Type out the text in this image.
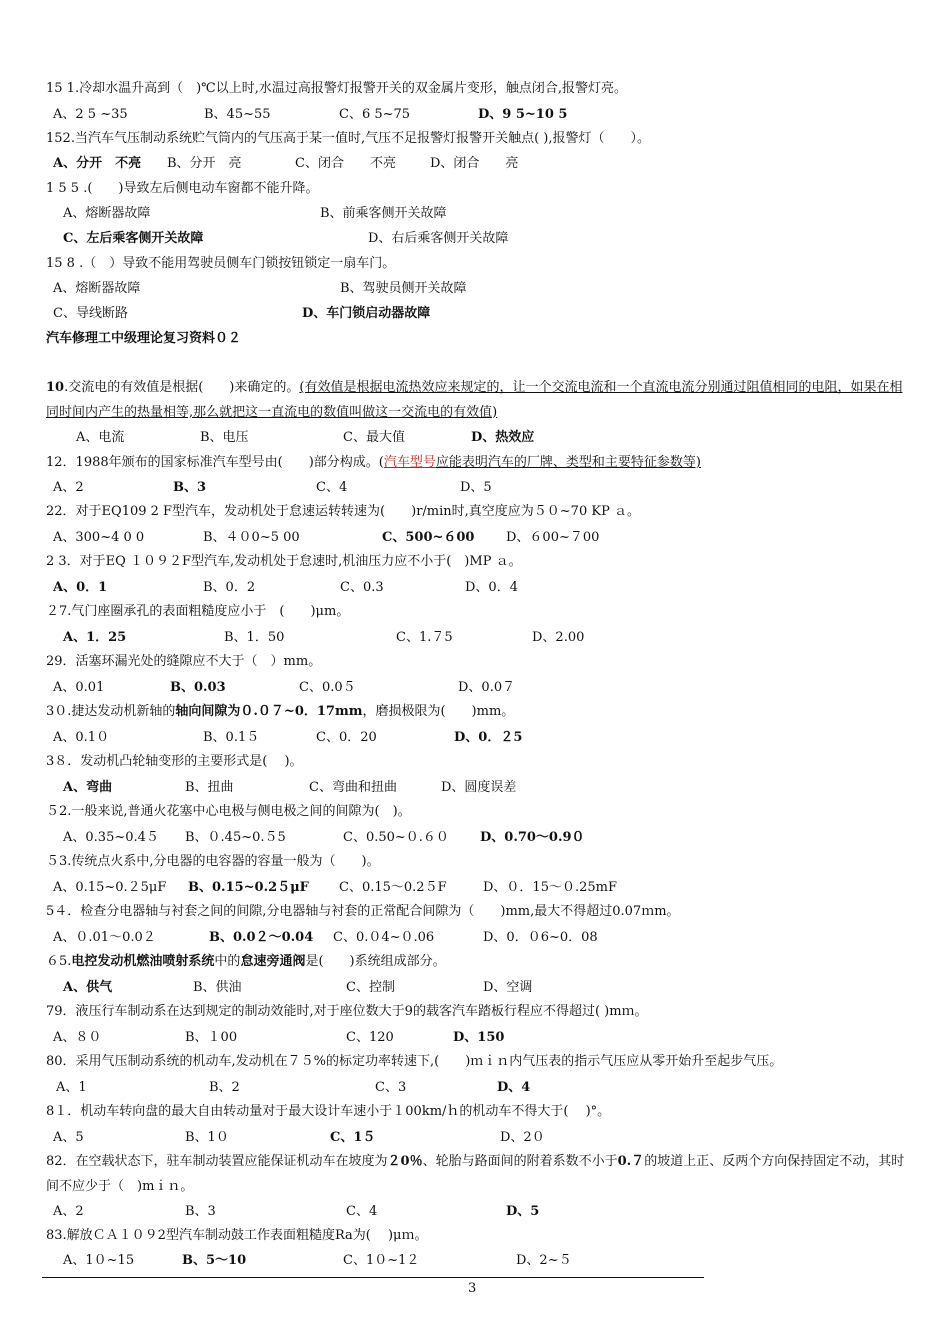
15 1.冷却水温升高到（　)℃以上时,水温过高报警灯报警开关的双金属片变形，触点闭合,报警灯亮。
A、2 5 ~35	B、45~55	C、6 5~75	D、9 5~10 5
152.当汽车气压制动系统贮气筒内的气压高于某一值时,气压不足报警灯报警开关触点( ),报警灯（　　）。
A、分开　不亮 B、分开　亮	C、闭合　　不亮	D、闭合　　亮
1 5 5 .(　　)导致左后侧电动车窗都不能升降。
A、熔断器故障	B、前乘客侧开关故障
C、左后乘客侧开关故障	D、右后乘客侧开关故障
15 8 .（　）导致不能用驾驶员侧车门锁按钮锁定一扇车门。
A、熔断器故障	B、驾驶员侧开关故障
C、导线断路	D、车门锁启动器故障
汽车修理工中级理论复习资料０２
10.交流电的有效值是根据(　　)来确定的。(有效值是根据电流热效应来规定的，让一个交流电流和一个直流电流分别通过阻值相同的电阻，如果在相同时间内产生的热量相等,那么就把这一直流电的数值叫做这一交流电的有效值)
A、电流	B、电压	C、最大值	D、热效应
12．1988年颁布的国家标准汽车型号由(　　)部分构成。(汽车型号应能表明汽车的厂牌、类型和主要特征参数等)
A、2	B、3	C、4	D、5
22．对于EQ109 2 F型汽车，发动机处于怠速运转转速为(　　)r/min时,真空度应为５０~70 KP ａ。
A、300~4 0 0	B、４０0~5 00	C、500~６00 D、６00~７00
2 3．对于EQ １０９２F型汽车,发动机处于怠速时,机油压力应不小于(　)MP ａ。
A、0．1	B、0．2	C、0.3	D、0．4
２7.气门座圈承孔的表面粗糙度应小于　(　　)μm。
A、1．25	B、1．50	C、1.７5	D、2.00
29．活塞环漏光处的缝隙应不大于（　）mm。
A、0.01	B、0.03	C、0.0５	D、0.0７
3０.捷达发动机新轴的轴向间隙为０.０７~0．17mm，磨损极限为(　　)mm。
A、0.1０	B、0.1５	C、0．20	D、0．２5
3８．发动机凸轮轴变形的主要形式是(　 )。
A、弯曲	B、扭曲	C、弯曲和扭曲	D、圆度误差
５2.一般来说,普通火花塞中心电极与侧电极之间的间隙为(　)。
A、0.35~0.4５ B、０.45~0.５5	C、0.50~０.６０ D、0.70～0.9０
５3.传统点火系中,分电器的电容器的容量一般为（　　)。
A、0.15~0.２5μF B、0.15~0.2５μF C、0.15～0.2５F	D、０．15～０.25mF
5４．检查分电器轴与衬套之间的间隙,分电器轴与衬套的正常配合间隙为（　　)mm,最大不得超过0.07ｍm。
A、０.01～0.0２	B、0.0２～0.04 C、0.０4~０.06	D、0．０6~0．08
６5.电控发动机燃油喷射系统中的怠速旁通阀是(　　)系统组成部分。
A、供气	B、供油	C、控制	D、空调
79．液压行车制动系在达到规定的制动效能时,对于座位数大于9的载客汽车踏板行程应不得超过( )mｍ。
A、８０	B、１00	C、120	D、150
80．采用气压制动系统的机动车,发动机在７５%的标定功率转速下,(　　)ｍｉｎ内气压表的指示气压应从零开始升至起步气压。
A、1	B、2	C、3	D、4
8１．机动车转向盘的最大自由转动量对于最大设计车速小于１00km/ｈ的机动车不得大于(　 )°。
A、5	B、1０	C、1５	D、2０
82．在空载状态下，驻车制动装置应能保证机动车在坡度为２0％、轮胎与路面间的附着系数不小于0.７的坡道上正、反两个方向保持固定不动，其时间不应少于（　)mｉｎ。
A、2	B、3	C、4	D、5
83.解放ＣＡ１０９2型汽车制动鼓工作表面粗糙度Ra为(　 )μｍ。
A、1０~15	B、5～10	C、1０~1２	D、2~５
3
